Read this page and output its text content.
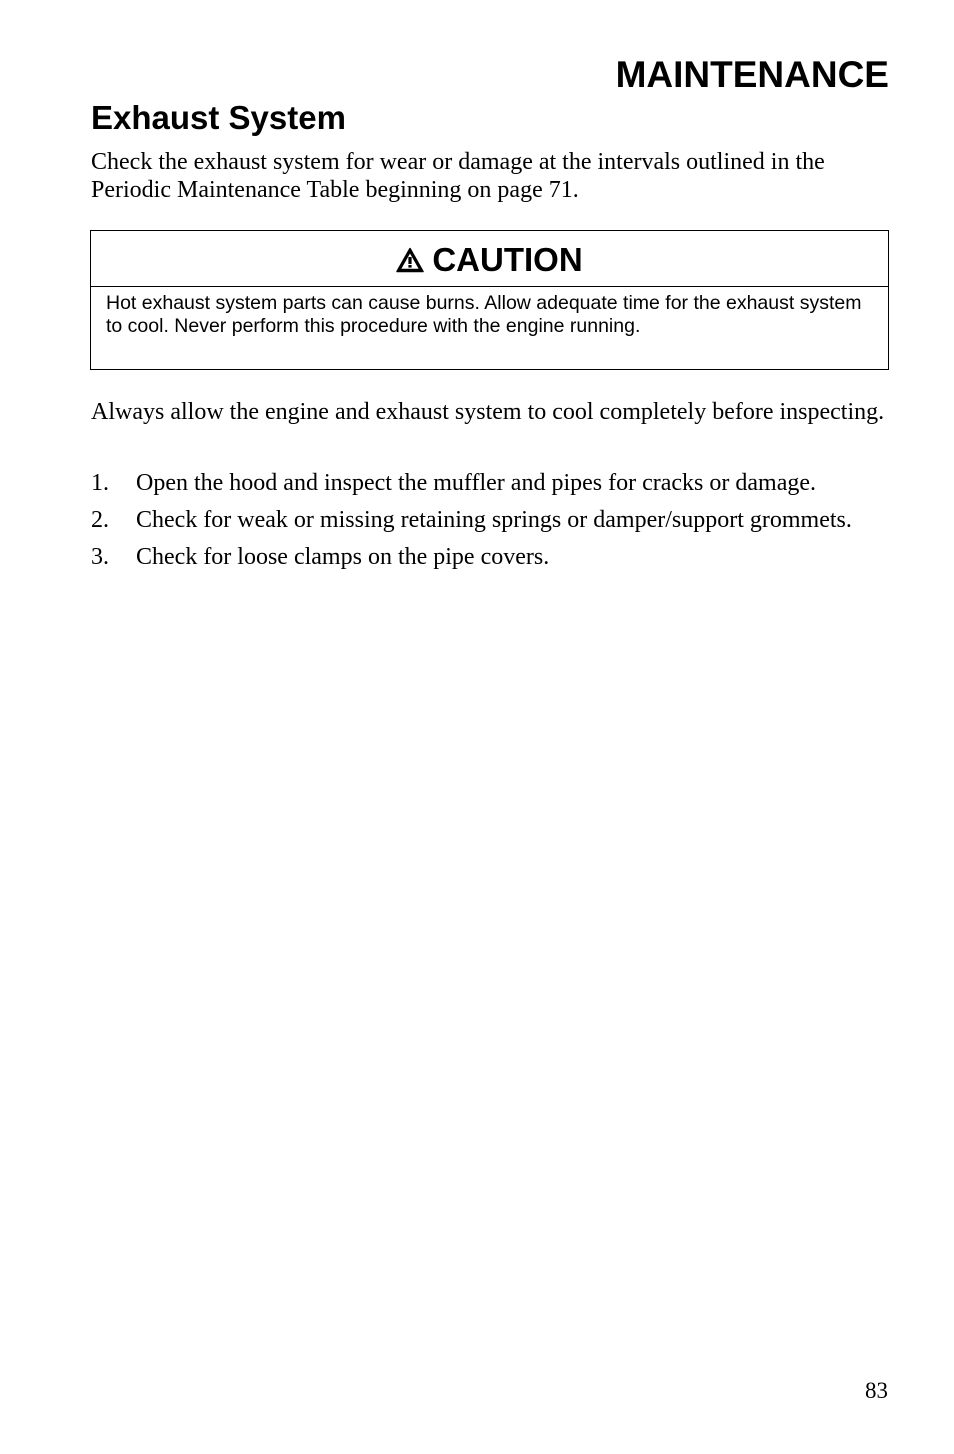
MAINTENANCE
Exhaust System

Check the exhaust system for wear or damage at the intervals outlined in the Periodic Maintenance Table beginning on page 71.

CAUTION

Hot exhaust system parts can cause burns. Allow adequate time for the exhaust system to cool. Never perform this procedure with the engine running.

Always allow the engine and exhaust system to cool completely before inspecting.

1.	Open the hood and inspect the muffler and pipes for cracks or damage.
2.	Check for weak or missing retaining springs or damper/support grommets.
3.	Check for loose clamps on the pipe covers.
83
